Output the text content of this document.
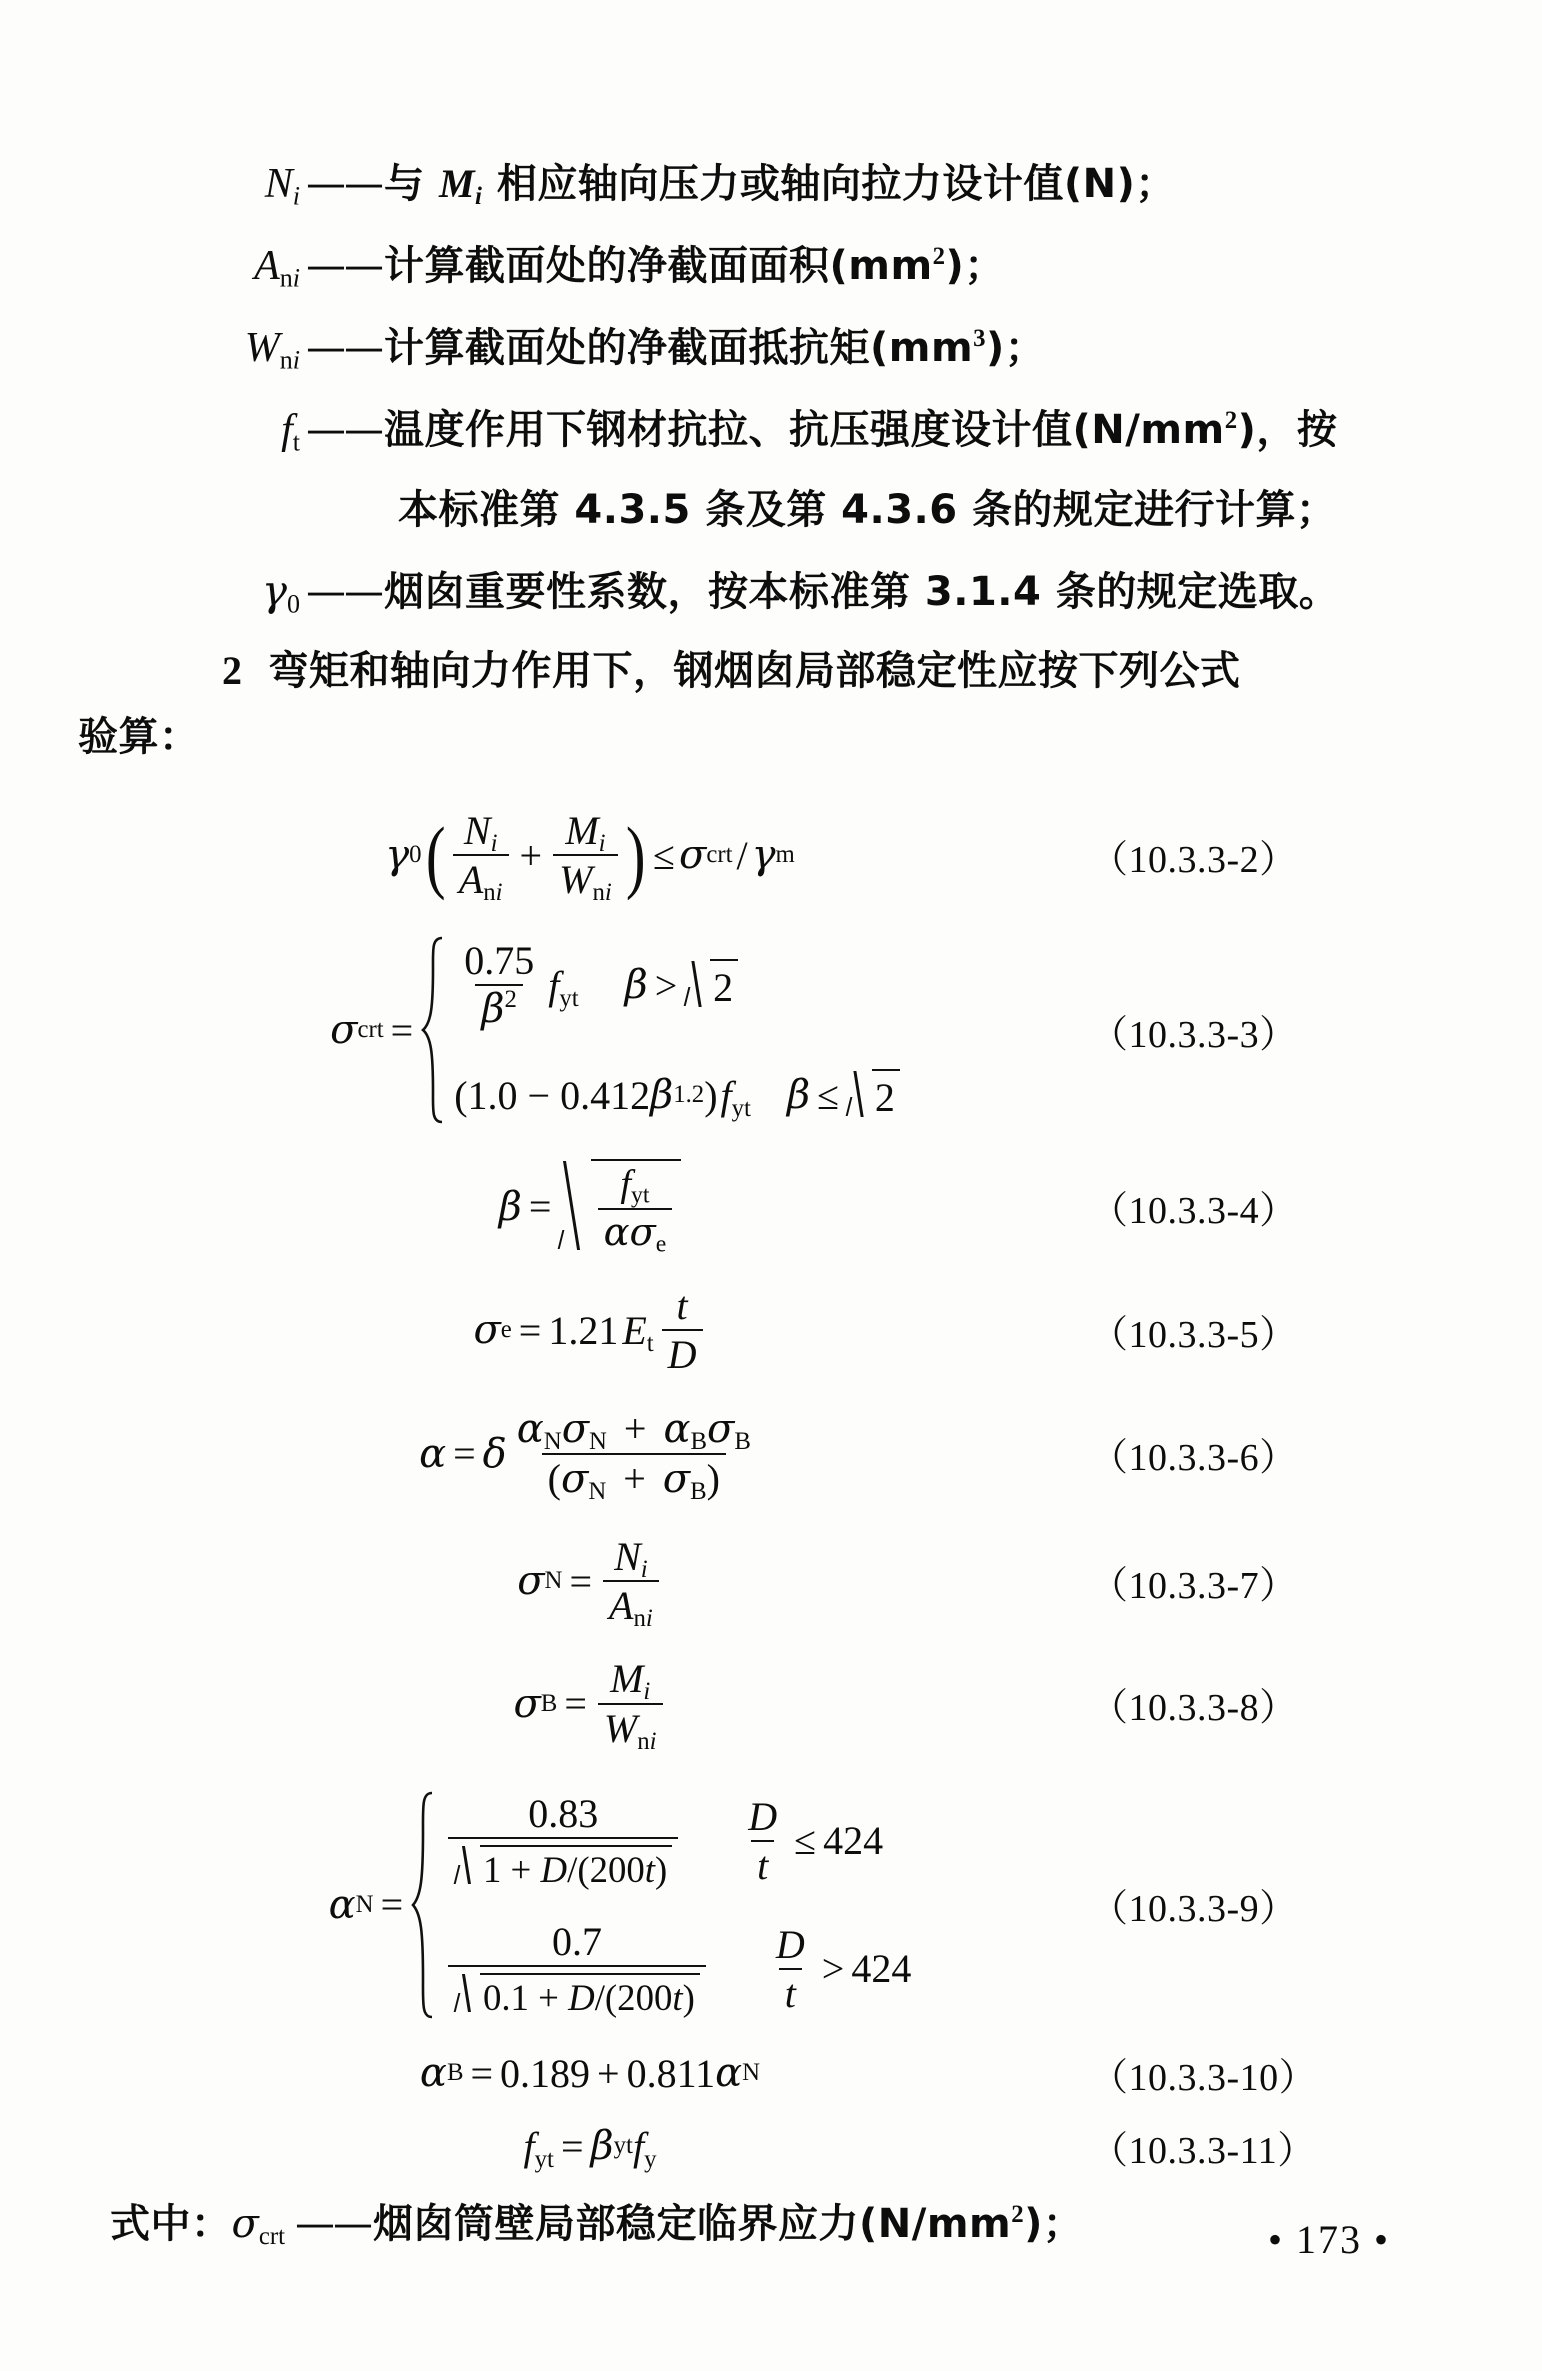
$N_i$ —— 与 $M_i$ 相应轴向压力或轴向拉力设计值(N)；
$A_{ni}$ —— 计算截面处的净截面面积$(mm^2)$；
$W_{ni}$ —— 计算截面处的净截面抵抗矩$(mm^3)$；
$f_t$ —— 温度作用下钢材抗拉、抗压强度设计值$(N/mm^2)$，按
本标准第 4.3.5 条及第 4.3.6 条的规定进行计算；
$\gamma_0$ —— 烟囱重要性系数，按本标准第 3.1.4 条的规定选取。
2 弯矩和轴向力作用下，钢烟囱局部稳定性应按下列公式
验算：
γ 0 ( $\frac{N_i}{A_{ni}} + \frac{M_i}{W_{ni}}$ ) ≤ σ crt / γ m	（10.3.3-2）
σ crt = $\frac{0.75}{\beta^2} f_{yt}$ β > 2
(1.0 − 0.412 β 1.2 ) $f_{yt}$ β ≤ 2
（10.3.3-3）
$\beta = \frac{f_{yt}}{\alpha\sigma_e}$	（10.3.3-4）
σ e = 1.21 $E_t \frac{t}{D}$	（10.3.3-5）
α = δ $\frac{\alpha_N\sigma_N + \alpha_B\sigma_B}{(\sigma_N + \sigma_B)}$	（10.3.3-6）
σ $N = \frac{N_i}{A_{ni}}$	（10.3.3-7）
σ $B = \frac{M_i}{W_{ni}}$	（10.3.3-8）
α N =
$\frac{0.83}{1 + D/(200t)} \frac{D}{t} \le 424$
$\frac{0.7}{0.1 + D/(200t)} \frac{D}{t} > 424$
（10.3.3-9）
α B = 0.189 + 0.811 α N	（10.3.3-10）
$f_{yt} = \beta$ yt $f_y$	（10.3.3-11）
式中：$\sigma_{crt}$ ——烟囱筒壁局部稳定临界应力$(N/mm^2)$；	• 173 •
